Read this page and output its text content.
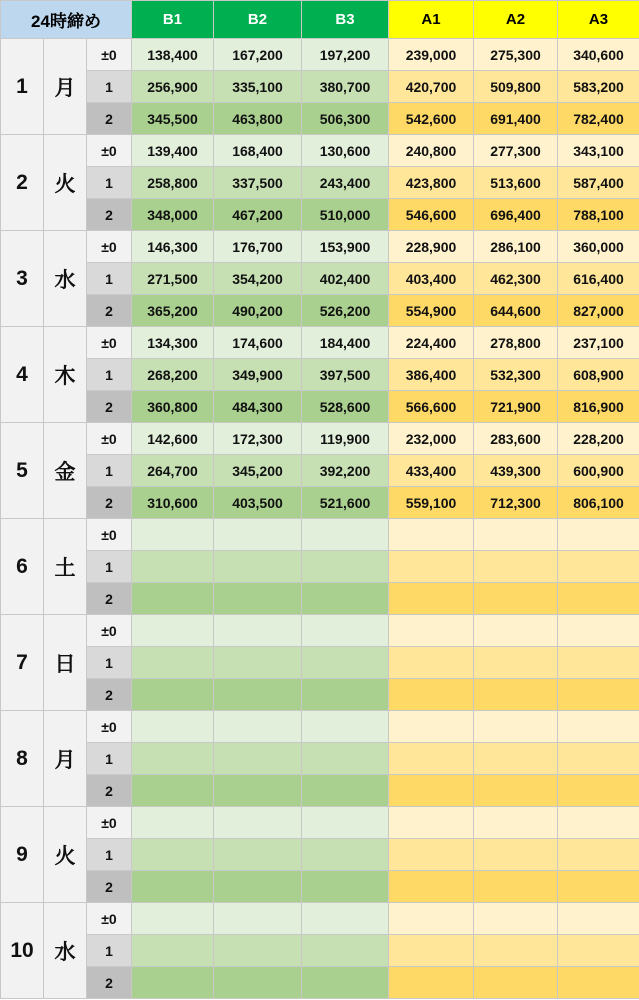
24時締め			B1	B2	B3	A1	A2	A3
1	月	±0	138,400	167,200	197,200	239,000	275,300	340,600
		1	256,900	335,100	380,700	420,700	509,800	583,200
		2	345,500	463,800	506,300	542,600	691,400	782,400
2	火	±0	139,400	168,400	130,600	240,800	277,300	343,100
		1	258,800	337,500	243,400	423,800	513,600	587,400
		2	348,000	467,200	510,000	546,600	696,400	788,100
3	水	±0	146,300	176,700	153,900	228,900	286,100	360,000
		1	271,500	354,200	402,400	403,400	462,300	616,400
		2	365,200	490,200	526,200	554,900	644,600	827,000
4	木	±0	134,300	174,600	184,400	224,400	278,800	237,100
		1	268,200	349,900	397,500	386,400	532,300	608,900
		2	360,800	484,300	528,600	566,600	721,900	816,900
5	金	±0	142,600	172,300	119,900	232,000	283,600	228,200
		1	264,700	345,200	392,200	433,400	439,300	600,900
		2	310,600	403,500	521,600	559,100	712,300	806,100
6	土	±0						
		1						
		2						
7	日	±0						
		1						
		2						
8	月	±0						
		1						
		2						
9	火	±0						
		1						
		2						
10	水	±0						
		1						
		2						
